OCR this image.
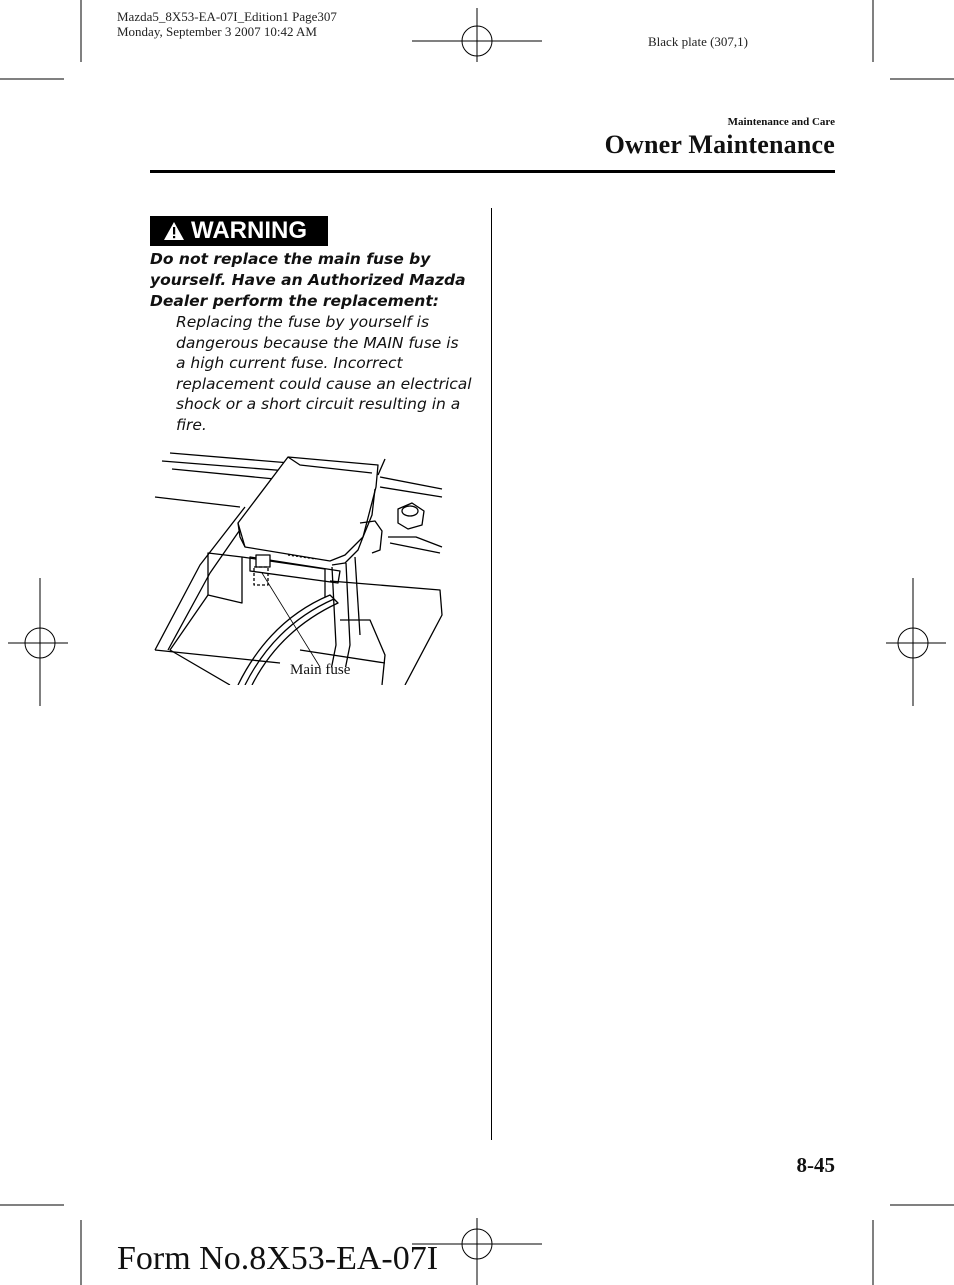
Mazda5_8X53-EA-07I_Edition1 Page307
Monday, September 3 2007 10:42 AM
Black plate (307,1)
Maintenance and Care
Owner Maintenance
WARNING
Do not replace the main fuse by
yourself. Have an Authorized Mazda
Dealer perform the replacement:
Replacing the fuse by yourself is
dangerous because the MAIN fuse is
a high current fuse. Incorrect
replacement could cause an electrical
shock or a short circuit resulting in a
fire.
Main fuse
8-45
Form No.8X53-EA-07I
